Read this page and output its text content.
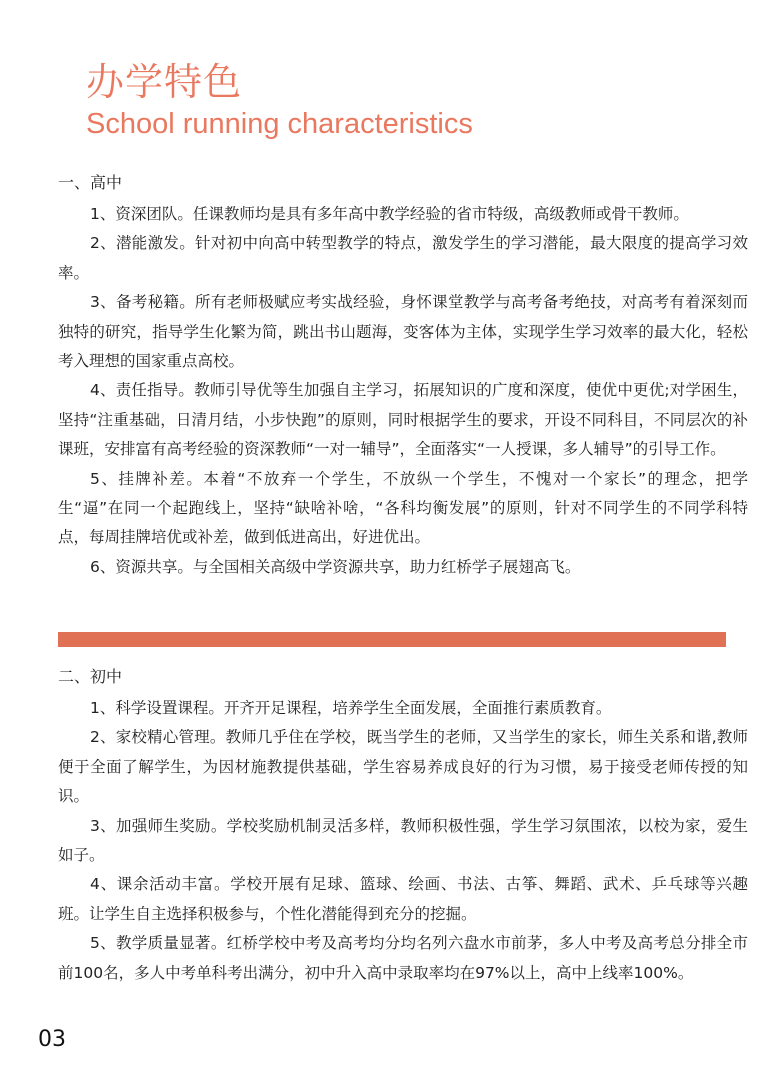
办学特色
School running characteristics

一、高中

1、资深团队。任课教师均是具有多年高中教学经验的省市特级，高级教师或骨干教师。

2、潜能激发。针对初中向高中转型教学的特点，激发学生的学习潜能，最大限度的提高学习效率。

3、备考秘籍。所有老师极赋应考实战经验，身怀课堂教学与高考备考绝技，对高考有着深刻而独特的研究，指导学生化繁为简，跳出书山题海，变客体为主体，实现学生学习效率的最大化，轻松考入理想的国家重点高校。

4、责任指导。教师引导优等生加强自主学习，拓展知识的广度和深度，使优中更优;对学困生，坚持“注重基础，日清月结，小步快跑”的原则，同时根据学生的要求，开设不同科目，不同层次的补课班，安排富有高考经验的资深教师“一对一辅导”，全面落实“一人授课，多人辅导”的引导工作。

5、挂牌补差。本着“不放弃一个学生，不放纵一个学生，不愧对一个家长”的理念，把学生“逼”在同一个起跑线上，坚持“缺啥补啥，“各科均衡发展”的原则，针对不同学生的不同学科特点，每周挂牌培优或补差，做到低进高出，好进优出。

6、资源共享。与全国相关高级中学资源共享，助力红桥学子展翅高飞。

二、初中

1、科学设置课程。开齐开足课程，培养学生全面发展，全面推行素质教育。

2、家校精心管理。教师几乎住在学校，既当学生的老师，又当学生的家长，师生关系和谐,教师便于全面了解学生，为因材施教提供基础，学生容易养成良好的行为习惯，易于接受老师传授的知识。

3、加强师生奖励。学校奖励机制灵活多样，教师积极性强，学生学习氛围浓，以校为家，爱生如子。

4、课余活动丰富。学校开展有足球、篮球、绘画、书法、古筝、舞蹈、武术、乒乓球等兴趣班。让学生自主选择积极参与，个性化潜能得到充分的挖掘。

5、教学质量显著。红桥学校中考及高考均分均名列六盘水市前茅，多人中考及高考总分排全市前100名，多人中考单科考出满分，初中升入高中录取率均在97%以上，高中上线率100%。

03
